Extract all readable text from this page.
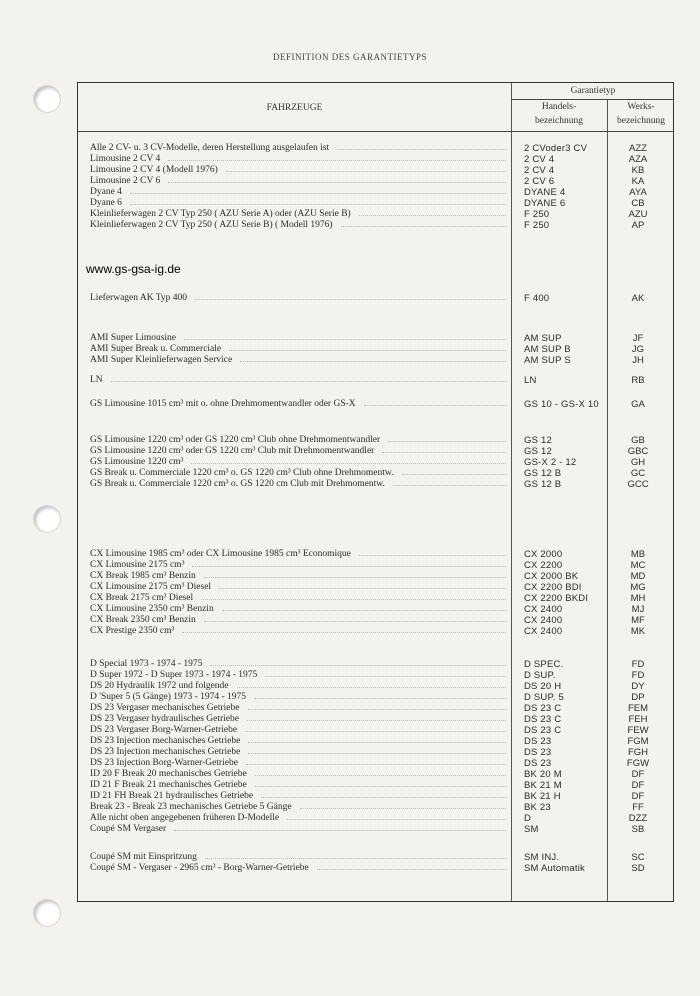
DEFINITION DES GARANTIETYPS
FAHRZEUGE
Garantietyp
Handels-
bezeichnung
Werks-
bezeichnung
Alle 2 CV- u. 3 CV-Modelle, deren Herstellung ausgelaufen ist	2 CVoder3 CV	AZZ
Limousine 2 CV 4	2 CV 4	AZA
Limousine 2 CV 4 (Modell 1976)	2 CV 4	KB
Limousine 2 CV 6	2 CV 6	KA
Dyane 4	DYANE 4	AYA
Dyane 6	DYANE 6	CB
Kleinlieferwagen 2 CV Typ 250 ( AZU Serie A) oder (AZU Serie B)	F 250	AZU
Kleinlieferwagen 2 CV Typ 250 ( AZU Serie B) ( Modell 1976)	F 250	AP
Lieferwagen AK Typ 400	F 400	AK
AMI Super Limousine	AM SUP	JF
AMI Super Break u. Commerciale	AM SUP B	JG
AMI Super Kleinlieferwagen Service	AM SUP S	JH
LN	LN	RB
GS Limousine 1015 cm³ mit o. ohne Drehmomentwandler oder GS-X	GS 10 - GS-X 10	GA
GS Limousine 1220 cm³ oder GS 1220 cm³ Club ohne Drehmomentwandler	GS 12	GB
GS Limousine 1220 cm³ oder GS 1220 cm³ Club mit Drehmomentwandler	GS 12	GBC
GS Limousine 1220 cm³	GS-X 2 - 12	GH
GS Break u. Commerciale 1220 cm³ o. GS 1220 cm³ Club ohne Drehmomentw.	GS 12 B	GC
GS Break u. Commerciale 1220 cm³ o. GS 1220 cm Club mit Drehmomentw.	GS 12 B	GCC
CX Limousine 1985 cm³ oder CX Limousine 1985 cm³ Economique	CX 2000	MB
CX Limousine 2175 cm³	CX 2200	MC
CX Break 1985 cm³ Benzin	CX 2000 BK	MD
CX Limousine 2175 cm³ Diesel	CX 2200 BDI	MG
CX Break 2175 cm³ Diesel	CX 2200 BKDI	MH
CX Limousine 2350 cm³ Benzin	CX 2400	MJ
CX Break 2350 cm³ Benzin	CX 2400	MF
CX Prestige 2350 cm³	CX 2400	MK
D Special 1973 - 1974 - 1975	D SPEC.	FD
D Super 1972 - D Super 1973 - 1974 - 1975	D SUP.	FD
DS 20 Hydraulik 1972 und folgende	DS 20 H	DY
D 'Super 5 (5 Gänge) 1973 - 1974 - 1975	D SUP. 5	DP
DS 23 Vergaser mechanisches Getriebe	DS 23 C	FEM
DS 23 Vergaser hydraulisches Getriebe	DS 23 C	FEH
DS 23 Vergaser Borg-Warner-Getriebe	DS 23 C	FEW
DS 23 Injection mechanisches Getriebe	DS 23	FGM
DS 23 Injection mechanisches Getriebe	DS 23	FGH
DS 23 Injection Borg-Warner-Getriebe	DS 23	FGW
ID 20 F Break 20 mechanisches Getriebe	BK 20 M	DF
ID 21 F Break 21 mechanisches Getriebe	BK 21 M	DF
ID 21 FH Break 21 hydraulisches Getriebe	BK 21 H	DF
Break 23 - Break 23 mechanisches Getriebe 5 Gänge	BK 23	FF
Alle nicht oben angegebenen früheren D-Modelle	D	DZZ
Coupé SM Vergaser	SM	SB
Coupé SM mit Einspritzung	SM INJ.	SC
Coupé SM - Vergaser - 2965 cm³ - Borg-Warner-Getriebe	SM Automatik	SD
www.gs-gsa-ig.de
